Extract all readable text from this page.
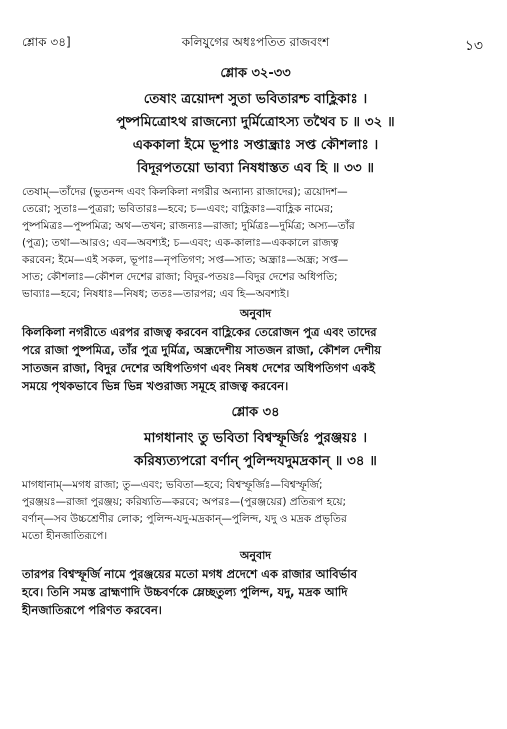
শ্লোক ৩৪]	কলিযুগের অধঃপতিত রাজবংশ	১৩
শ্লোক ৩২-৩৩

তেষাং ত্রয়োদশ সুতা ভবিতারশ্চ বাহ্লিকাঃ ।

পুষ্পমিত্রোঽথ রাজন্যো দুর্মিত্রোঽস্য তথৈব চ ॥ ৩২ ॥

এককালা ইমে ভূপাঃ সপ্তান্ধ্রাঃ সপ্ত কৌশলাঃ ।

বিদূরপতয়ো ভাব্যা নিষধাস্তত এব হি ॥ ৩৩ ॥

তেষাম্—তাঁদের (ভুতনন্দ এবং কিলকিলা নগরীর অন্যান্য রাজাদের); ত্রয়োদশ—
তেরো; সুতাঃ—পুত্ররা; ভবিতারঃ—হবে; চ—এবং; বাহ্লিকাঃ—বাহ্লিক নামের;
পুষ্পমিত্রঃ—পুষ্পমিত্র; অথ—তখন; রাজন্যঃ—রাজা; দুর্মিত্রঃ—দুর্মিত্র; অস্য—তাঁর
(পুত্র); তথা—আরও; এব—অবশ্যই; চ—এবং; এক-কালাঃ—এককালে রাজত্ব
করবেন; ইমে—এই সকল, ভূপাঃ—নৃপতিগণ; সপ্ত—সাত; অন্ধ্রাঃ—অন্ধ্র; সপ্ত—
সাত; কৌশলাঃ—কৌশল দেশের রাজা; বিদুর-পতয়ঃ—বিদুর দেশের অধিপতি;
ভাব্যাঃ—হবে; নিষধাঃ—নিষধ; ততঃ—তারপর; এব হি—অবশ্যই।
অনুবাদ
কিলকিলা নগরীতে এরপর রাজত্ব করবেন বাহ্লিকের তেরোজন পুত্র এবং তাদের
পরে রাজা পুষ্পমিত্র, তাঁর পুত্র দুর্মিত্র, অন্ধ্রদেশীয় সাতজন রাজা, কৌশল দেশীয়
সাতজন রাজা, বিদুর দেশের অধিপতিগণ এবং নিষধ দেশের অধিপতিগণ একই
সময়ে পৃথকভাবে ভিন্ন ভিন্ন খণ্ডরাজ্য সমূহে রাজত্ব করবেন।
শ্লোক ৩৪

মাগধানাং তু ভবিতা বিশ্বস্ফূর্জিঃ পুরঞ্জয়ঃ ।

করিষ্যত্যপরো বর্ণান্ পুলিন্দযদুমদ্রকান্ ॥ ৩৪ ॥

মাগধানাম্—মগধ রাজা; তু—এবং; ভবিতা—হবে; বিশ্বস্ফূর্জিঃ—বিশ্বস্ফূর্জি;
পুরঞ্জয়ঃ—রাজা পুরঞ্জয়; করিষ্যতি—করবে; অপরঃ—(পুরঞ্জয়ের) প্রতিরূপ হয়ে;
বর্ণান্—সব উচ্চশ্রেণীর লোক; পুলিন্দ-যদু-মদ্রকান্—পুলিন্দ, যদু ও মদ্রক প্রভৃতির
মতো হীনজাতিরূপে।
অনুবাদ
তারপর বিশ্বস্ফূর্জি নামে পুরঞ্জয়ের মতো মগধ প্রদেশে এক রাজার আবির্ভাব
হবে। তিনি সমস্ত ব্রাহ্মণাদি উচ্চবর্ণকে ম্লেচ্ছতুল্য পুলিন্দ, যদু, মদ্রক আদি
হীনজাতিরূপে পরিণত করবেন।
